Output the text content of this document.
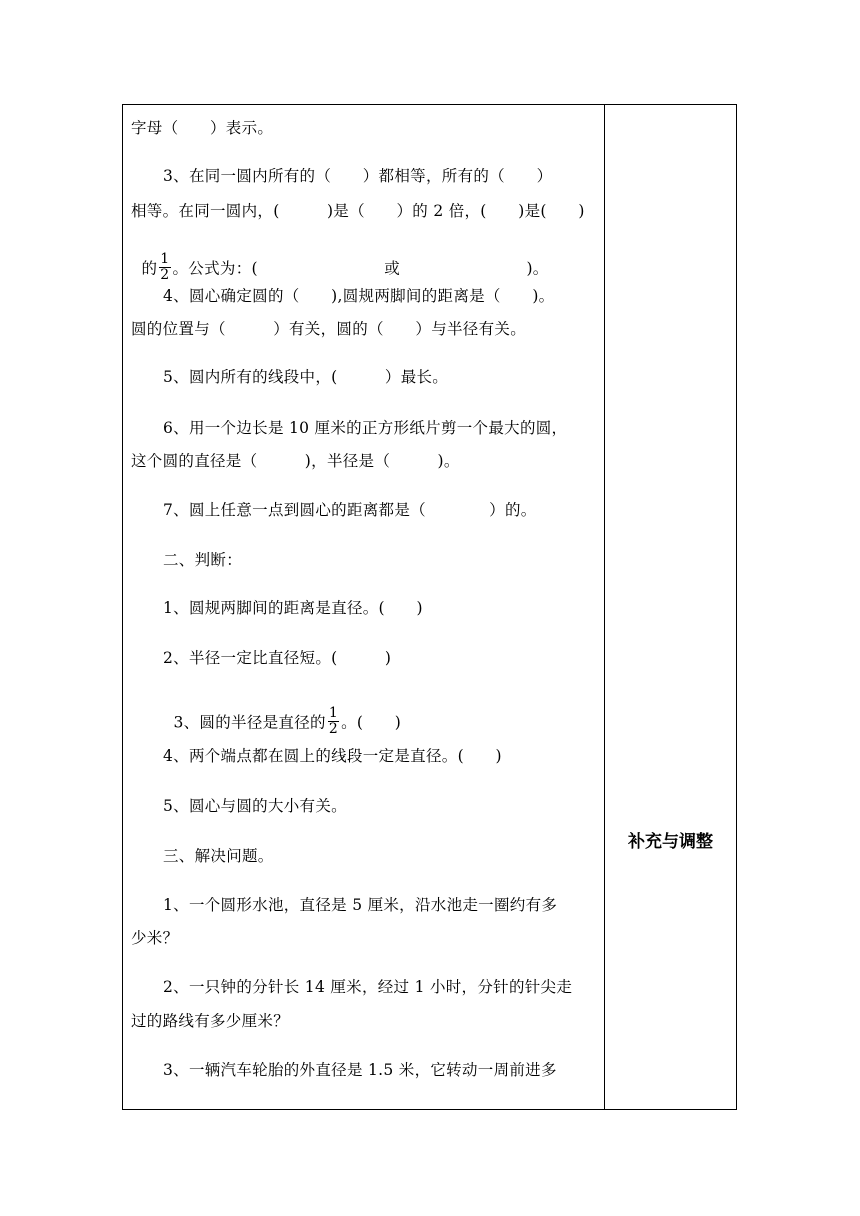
字母（　　）表示。
3、在同一圆内所有的（　　）都相等，所有的（　　）
相等。在同一圆内，(　　　)是（　　）的 2 倍，(　　)是(　　)

的 $\frac{1}{2}$ 。公式为：(　　　　　　　　或　　　　　　　　)。

4、圆心确定圆的（　　),圆规两脚间的距离是（　　)。
圆的位置与（　　　）有关，圆的（　　）与半径有关。
5、圆内所有的线段中，(　　　）最长。
6、用一个边长是 10 厘米的正方形纸片剪一个最大的圆，
这个圆的直径是（　　　)，半径是（　　　)。
7、圆上任意一点到圆心的距离都是（　　　　）的。
二、判断：
1、圆规两脚间的距离是直径。(　　)
2、半径一定比直径短。(　　　)

3、圆的半径是直径的 $\frac{1}{2}$ 。(　　)

4、两个端点都在圆上的线段一定是直径。(　　)
5、圆心与圆的大小有关。
三、解决问题。
1、一个圆形水池，直径是 5 厘米，沿水池走一圈约有多
少米？
2、一只钟的分针长 14 厘米，经过 1 小时，分针的针尖走
过的路线有多少厘米？
3、一辆汽车轮胎的外直径是 1.5 米，它转动一周前进多
补充与调整
